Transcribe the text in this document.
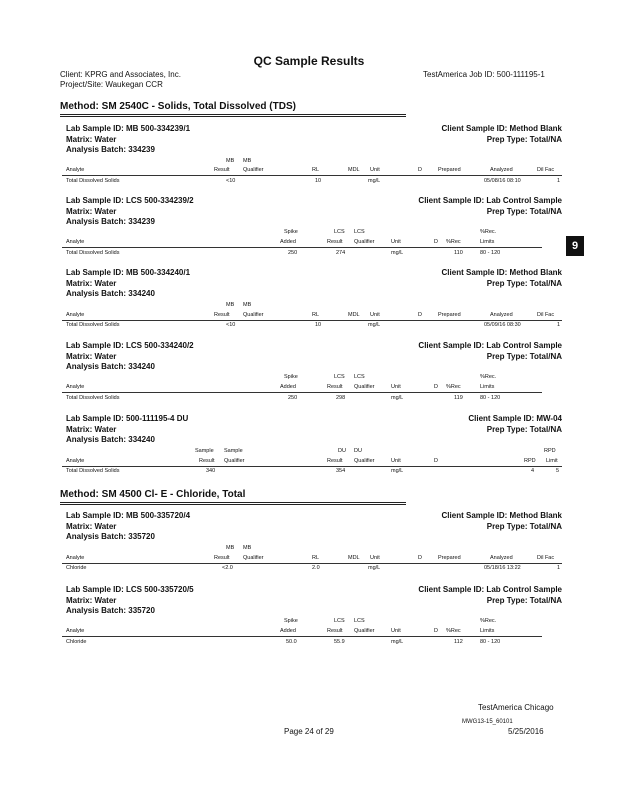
QC Sample Results
Client: KPRG and Associates, Inc.
Project/Site: Waukegan CCR
TestAmerica Job ID: 500-111195-1
9
Method: SM 2540C - Solids, Total Dissolved (TDS)
Lab Sample ID: MB 500-334239/1
Matrix: Water
Analysis Batch: 334239
Client Sample ID: Method Blank
Prep Type: Total/NA
MB MB
Analyte	Result Qualifier	RL	MDL Unit	D	Prepared	Analyzed	Dil Fac
Total Dissolved Solids	<10	10	mg/L	05/08/16 08:10	1
Lab Sample ID: LCS 500-334239/2
Matrix: Water
Analysis Batch: 334239
Client Sample ID: Lab Control Sample
Prep Type: Total/NA
Spike	LCS LCS	%Rec.
Analyte	Added	Result Qualifier	Unit	D %Rec	Limits
Total Dissolved Solids	250	274	mg/L	110	80 - 120
Lab Sample ID: MB 500-334240/1
Matrix: Water
Analysis Batch: 334240
Client Sample ID: Method Blank
Prep Type: Total/NA
MB MB
Analyte	Result Qualifier	RL	MDL Unit	D	Prepared	Analyzed	Dil Fac
Total Dissolved Solids	<10	10	mg/L	05/09/16 08:30	1
Lab Sample ID: LCS 500-334240/2
Matrix: Water
Analysis Batch: 334240
Client Sample ID: Lab Control Sample
Prep Type: Total/NA
Spike	LCS LCS	%Rec.
Analyte	Added	Result Qualifier	Unit	D %Rec	Limits
Total Dissolved Solids	250	298	mg/L	119	80 - 120
Lab Sample ID: 500-111195-4 DU
Matrix: Water
Analysis Batch: 334240
Client Sample ID: MW-04
Prep Type: Total/NA
Sample Sample	DU DU	RPD
Analyte	Result Qualifier	Result Qualifier	Unit	D	RPD Limit
Total Dissolved Solids	340	354	mg/L	4	5
Method: SM 4500 Cl- E - Chloride, Total
Lab Sample ID: MB 500-335720/4
Matrix: Water
Analysis Batch: 335720
Client Sample ID: Method Blank
Prep Type: Total/NA
MB MB
Analyte	Result Qualifier	RL	MDL Unit	D	Prepared	Analyzed	Dil Fac
Chloride	<2.0	2.0	mg/L	05/18/16 13:22	1
Lab Sample ID: LCS 500-335720/5
Matrix: Water
Analysis Batch: 335720
Client Sample ID: Lab Control Sample
Prep Type: Total/NA
Spike	LCS LCS	%Rec.
Analyte	Added	Result Qualifier	Unit	D %Rec	Limits
Chloride	50.0	55.9	mg/L	112	80 - 120
TestAmerica Chicago
MWG13-15_60101
Page 24 of 29	5/25/2016
